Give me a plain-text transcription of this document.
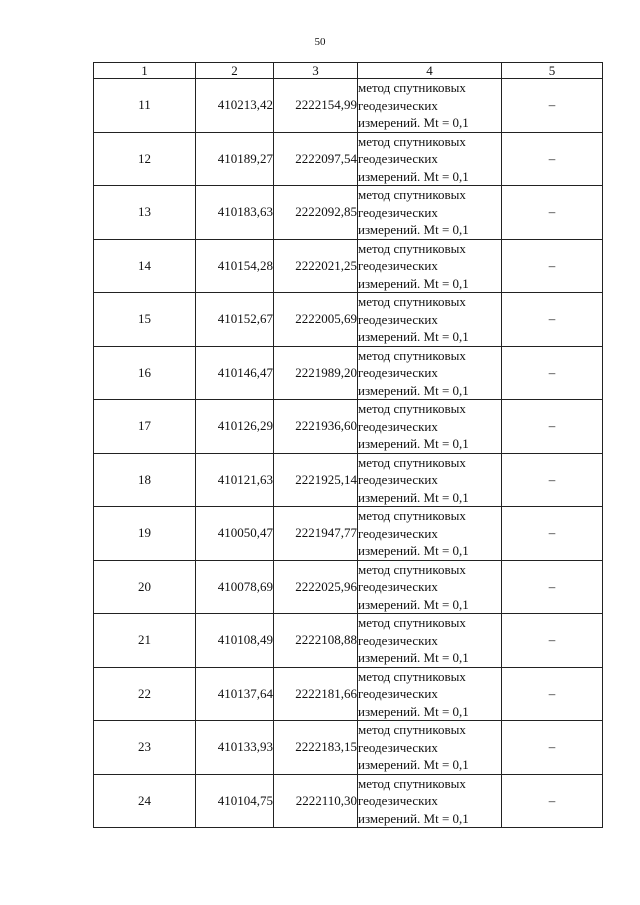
50
1	2	3	4	5
11	410213,42	2222154,99	метод спутниковых
геодезических
измерений. Mt = 0,1	–
12	410189,27	2222097,54	метод спутниковых
геодезических
измерений. Mt = 0,1	–
13	410183,63	2222092,85	метод спутниковых
геодезических
измерений. Mt = 0,1	–
14	410154,28	2222021,25	метод спутниковых
геодезических
измерений. Mt = 0,1	–
15	410152,67	2222005,69	метод спутниковых
геодезических
измерений. Mt = 0,1	–
16	410146,47	2221989,20	метод спутниковых
геодезических
измерений. Mt = 0,1	–
17	410126,29	2221936,60	метод спутниковых
геодезических
измерений. Mt = 0,1	–
18	410121,63	2221925,14	метод спутниковых
геодезических
измерений. Mt = 0,1	–
19	410050,47	2221947,77	метод спутниковых
геодезических
измерений. Mt = 0,1	–
20	410078,69	2222025,96	метод спутниковых
геодезических
измерений. Mt = 0,1	–
21	410108,49	2222108,88	метод спутниковых
геодезических
измерений. Mt = 0,1	–
22	410137,64	2222181,66	метод спутниковых
геодезических
измерений. Mt = 0,1	–
23	410133,93	2222183,15	метод спутниковых
геодезических
измерений. Mt = 0,1	–
24	410104,75	2222110,30	метод спутниковых
геодезических
измерений. Mt = 0,1	–
